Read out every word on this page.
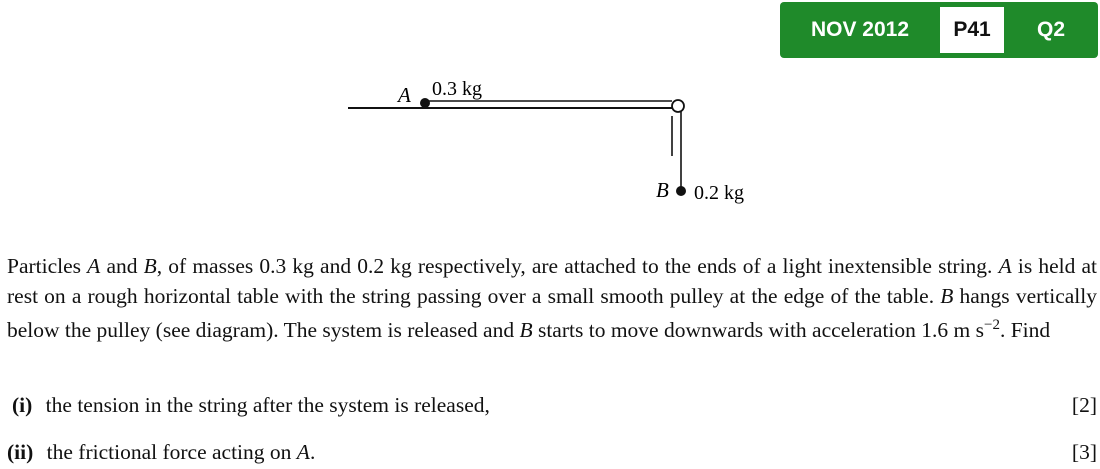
NOV 2012	P41	Q2
A 0.3 kg
B 0.2 kg
Particles A and B, of masses 0.3 kg and 0.2 kg respectively, are attached to the ends of a light inextensible string. A is held at rest on a rough horizontal table with the string passing over a small smooth pulley at the edge of the table. B hangs vertically below the pulley (see diagram). The system is released and B starts to move downwards with acceleration 1.6 m $s^{-2}$. Find
(i) the tension in the string after the system is released,	[2]
(ii) the frictional force acting on A.	[3]
